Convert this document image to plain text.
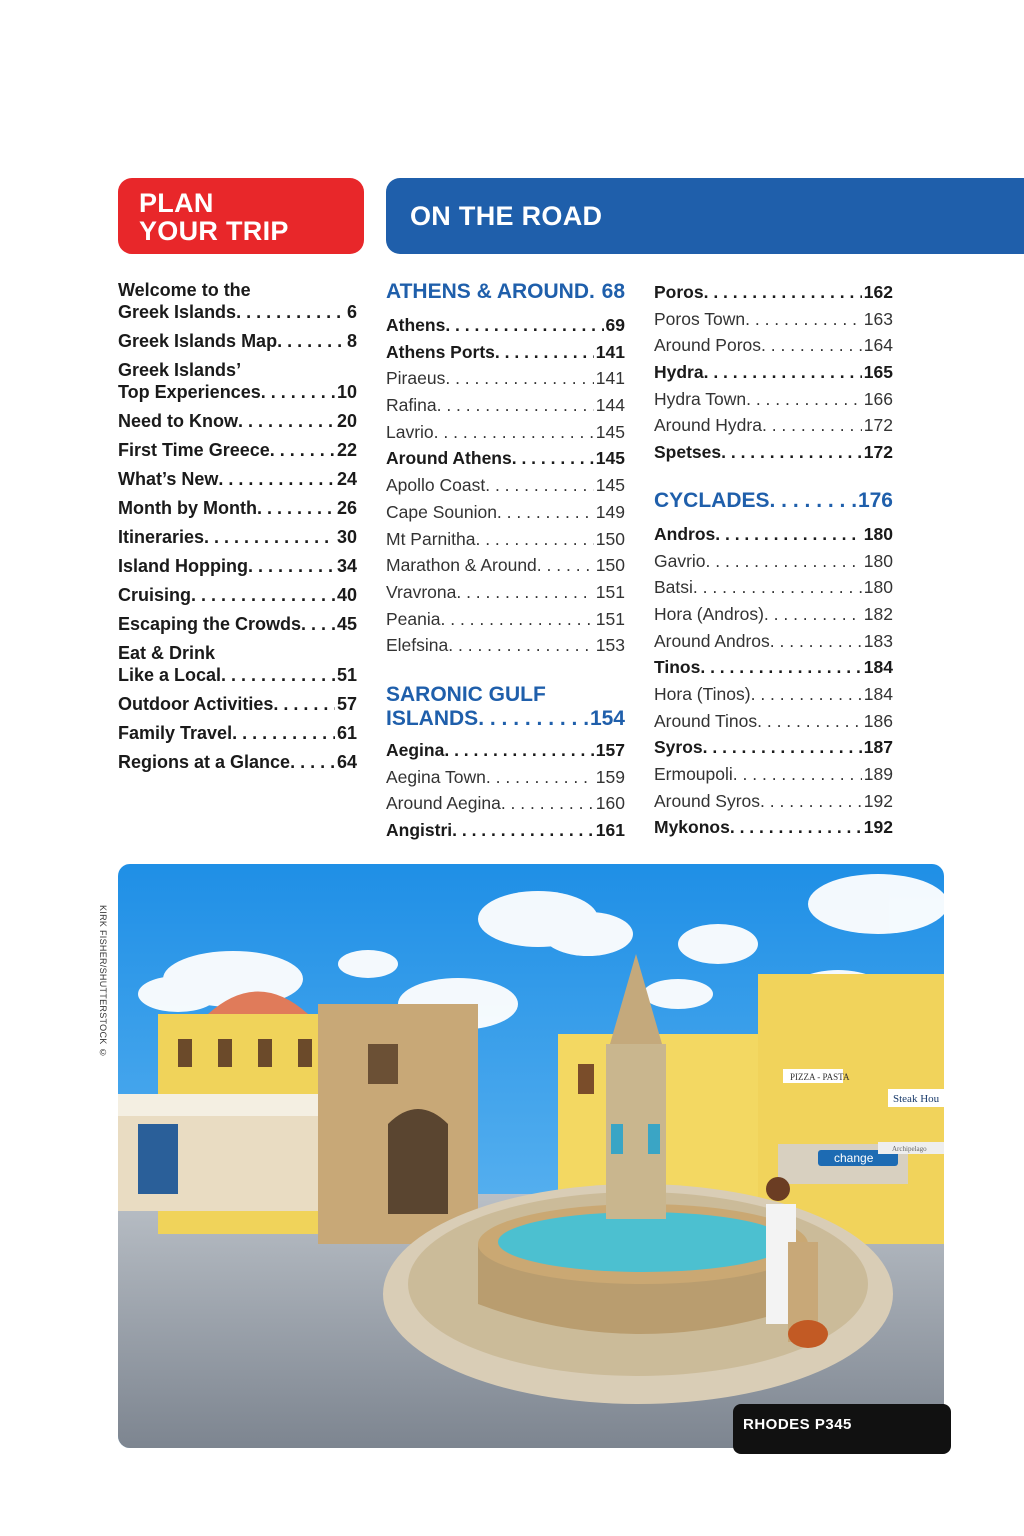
PLAN
YOUR TRIP	ON THE ROAD
Welcome to the
Greek Islands . . .	6
Greek Islands Map . . .	8
Greek Islands’
Top Experiences . . .	10
Need to Know . . .	20
First Time Greece . . .	22
What’s New . . .	24
Month by Month . . .	26
Itineraries . . .	30
Island Hopping . . .	34
Cruising . . .	40
Escaping the Crowds . . . 45
Eat & Drink
Like a Local . . .	51
Outdoor Activities . . .	57
Family Travel . . .	61
Regions at a Glance . . .	64
ATHENS & AROUND . . . 68
Athens . . .	69
Athens Ports . . .	141
Piraeus . . .	141
Rafina . . .	144
Lavrio . . .	145
Around Athens . . .	145
Apollo Coast . . .	145
Cape Sounion . . .	149
Mt Parnitha . . .	150
Marathon & Around . . .	150
Vravrona . . .	151
Peania . . .	151
Elefsina . . .	153
SARONIC GULF
ISLANDS . . .	154
Aegina . . .	157
Aegina Town . . .	159
Around Aegina . . .	160
Angistri . . .	161
Poros . . .	162
Poros Town . . .	163
Around Poros . . .	164
Hydra . . .	165
Hydra Town . . .	166
Around Hydra . . .	172
Spetses . . .	172
CYCLADES . . .	176
Andros . . .	180
Gavrio . . .	180
Batsi . . .	180
Hora (Andros) . . .	182
Around Andros . . .	183
Tinos . . .	184
Hora (Tinos) . . .	184
Around Tinos . . .	186
Syros . . .	187
Ermoupoli . . .	189
Around Syros . . .	192
Mykonos . . .	192
KIRK FISHER/SHUTTERSTOCK ©
PIZZA - PASTA
Steak Hou
change
Archipelago
RHODES P345
